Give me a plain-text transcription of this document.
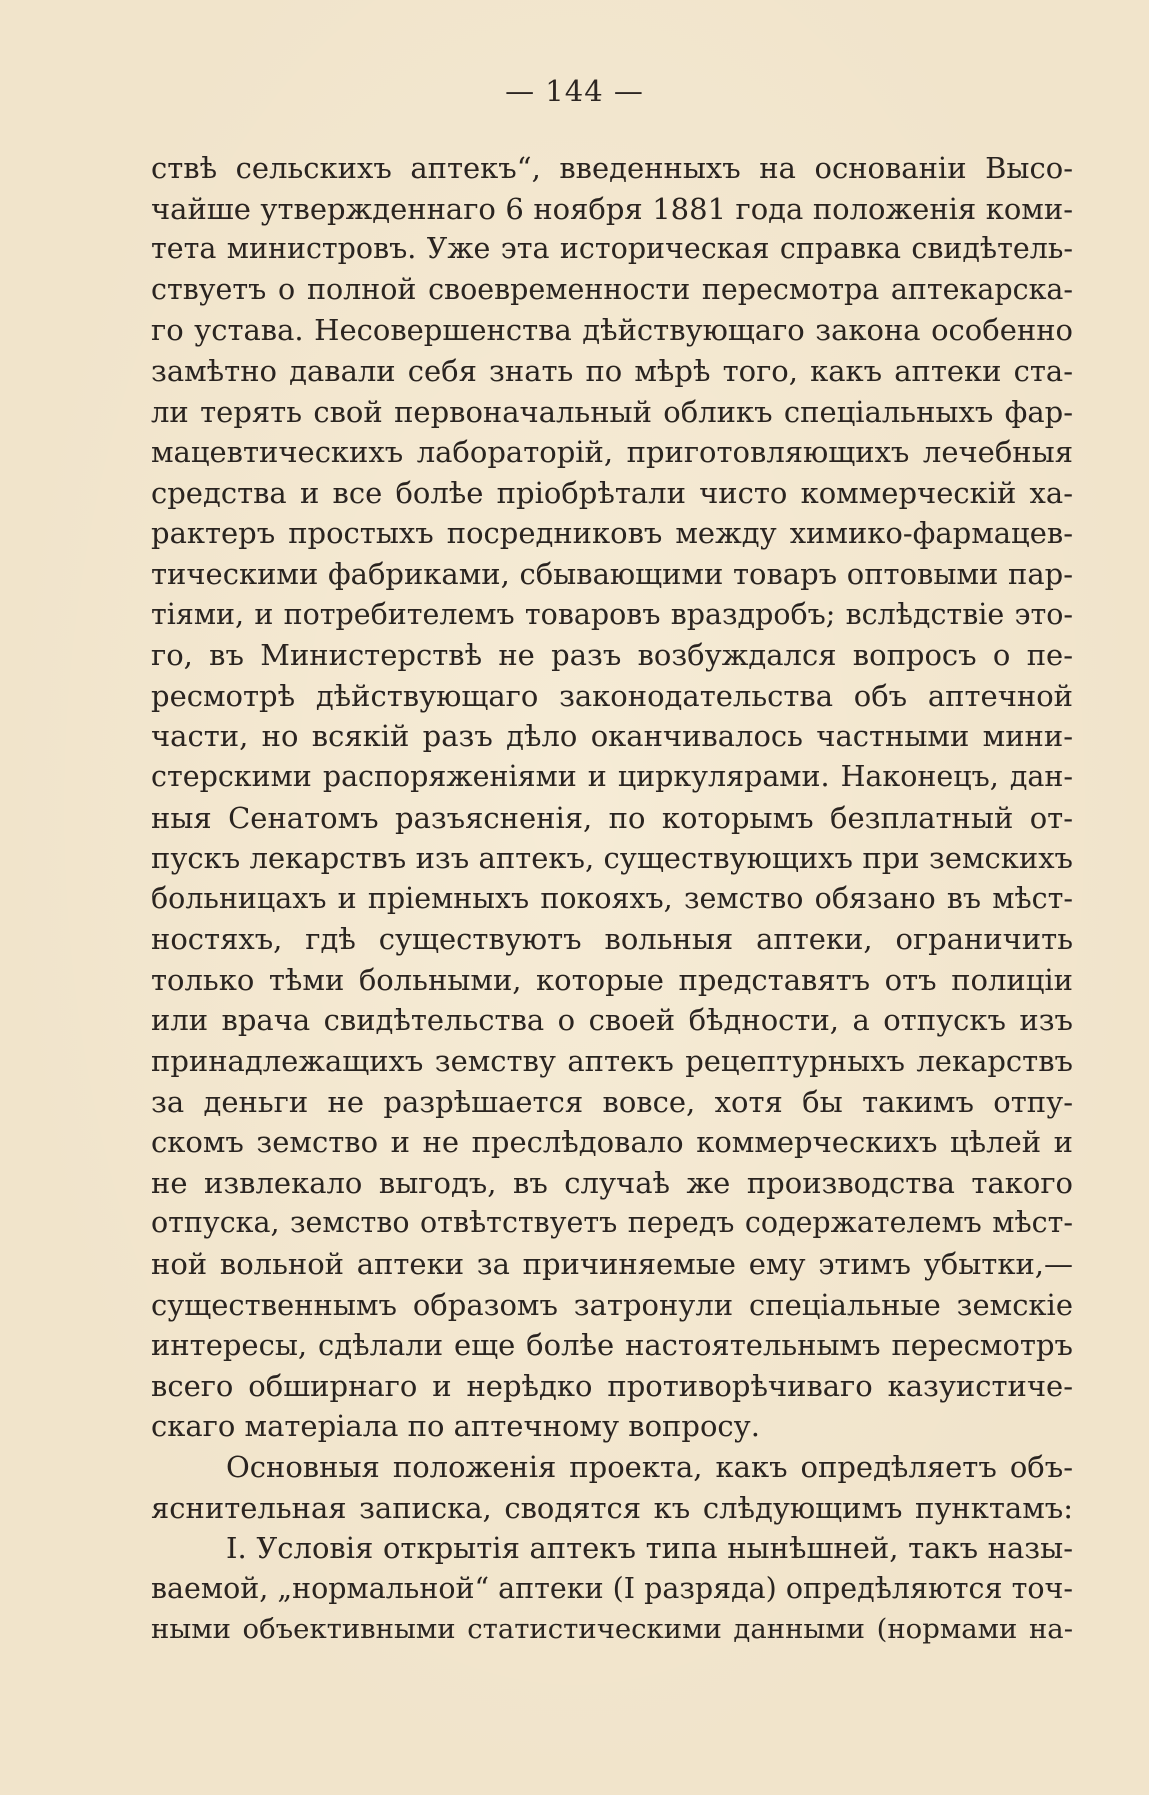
— 144 —
ствѣ сельскихъ аптекъ“, введенныхъ на основанiи Высо-
чайше утвержденнаго 6 ноября 1881 года положенiя коми-
тета министровъ. Уже эта историческая справка свидѣтель-
ствуетъ о полной своевременности пересмотра аптекарска-
го устава. Несовершенства дѣйствующаго закона особенно
замѣтно давали себя знать по мѣрѣ того, какъ аптеки ста-
ли терять свой первоначальный обликъ спецiальныхъ фар-
мацевтическихъ лабораторiй, приготовляющихъ лечебныя
средства и все болѣе прiобрѣтали чисто коммерческiй ха-
рактеръ простыхъ посредниковъ между химико-фармацев-
тическими фабриками, сбывающими товаръ оптовыми пар-
тiями, и потребителемъ товаровъ враздробъ; вслѣдствiе это-
го, въ Министерствѣ не разъ возбуждался вопросъ о пе-
ресмотрѣ дѣйствующаго законодательства объ аптечной
части, но всякiй разъ дѣло оканчивалось частными мини-
стерскими распоряженiями и циркулярами. Наконецъ, дан-
ныя Сенатомъ разъясненiя, по которымъ безплатный от-
пускъ лекарствъ изъ аптекъ, существующихъ при земскихъ
больницахъ и прiемныхъ покояхъ, земство обязано въ мѣст-
ностяхъ, гдѣ существуютъ вольныя аптеки, ограничить
только тѣми больными, которые представятъ отъ полицiи
или врача свидѣтельства о своей бѣдности, а отпускъ изъ
принадлежащихъ земству аптекъ рецептурныхъ лекарствъ
за деньги не разрѣшается вовсе, хотя бы такимъ отпу-
скомъ земство и не преслѣдовало коммерческихъ цѣлей и
не извлекало выгодъ, въ случаѣ же производства такого
отпуска, земство отвѣтствуетъ передъ содержателемъ мѣст-
ной вольной аптеки за причиняемые ему этимъ убытки,—
существеннымъ образомъ затронули спецiальные земскiе
интересы, сдѣлали еще болѣе настоятельнымъ пересмотръ
всего обширнаго и нерѣдко противорѣчиваго казуистиче-
скаго матерiала по аптечному вопросу.
Основныя положенiя проекта, какъ опредѣляетъ объ-
яснительная записка, сводятся къ слѣдующимъ пунктамъ:
I. Условiя открытiя аптекъ типа нынѣшней, такъ назы-
ваемой, „нормальной“ аптеки (I разряда) опредѣляются точ-
ными объективными статистическими данными (нормами на-
